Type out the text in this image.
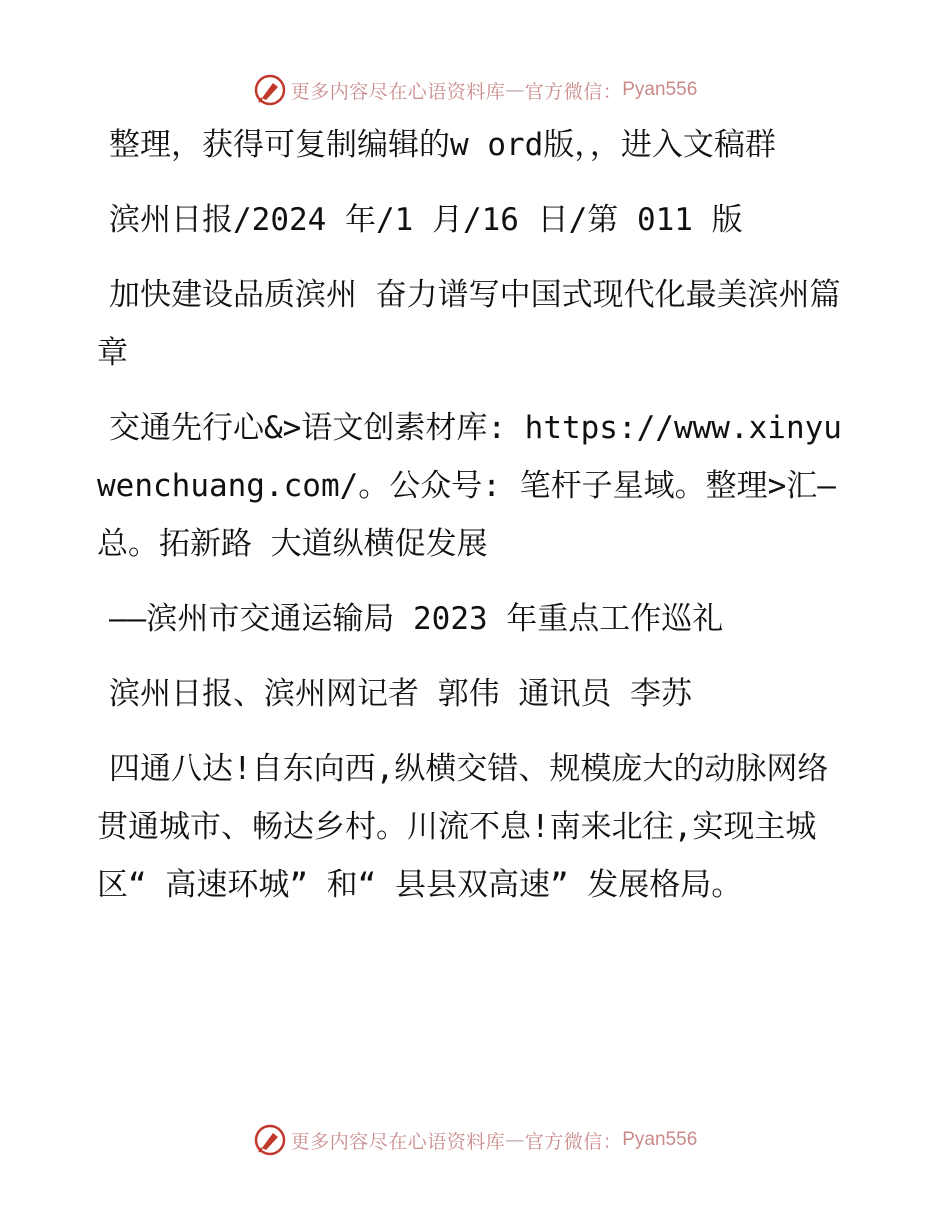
更多内容尽在心语资料库 — 官方微信： Pyan556

整理，获得可复制编辑的w ord版，，进入文稿群

滨州日报/2024 年/1 月/16 日/第 011 版

加快建设品质滨州 奋力谱写中国式现代化最美滨州篇章

交通先行心&>语文创素材库: https://www.xinyuwenchuang.com/。公众号: 笔杆子星域。整理>汇—总。拓新路 大道纵横促发展

——滨州市交通运输局 2023 年重点工作巡礼

滨州日报、滨州网记者 郭伟 通讯员 李苏

四通八达!自东向西,纵横交错、规模庞大的动脉网络贯通城市、畅达乡村。川流不息!南来北往,实现主城区“ 高速环城” 和“ 县县双高速” 发展格局。

更多内容尽在心语资料库 — 官方微信： Pyan556
